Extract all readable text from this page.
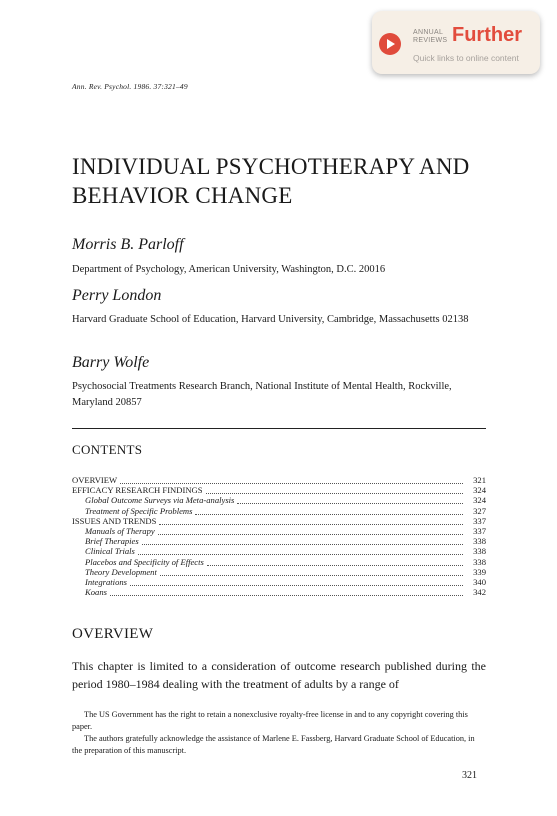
ANNUAL
REVIEWS Further
Quick links to online content
Ann. Rev. Psychol. 1986. 37:321–49
INDIVIDUAL PSYCHOTHERAPY AND
BEHAVIOR CHANGE
Morris B. Parloff
Department of Psychology, American University, Washington, D.C. 20016
Perry London
Harvard Graduate School of Education, Harvard University, Cambridge, Massachusetts 02138
Barry Wolfe
Psychosocial Treatments Research Branch, National Institute of Mental Health, Rockville, Maryland 20857
CONTENTS
OVERVIEW	321
EFFICACY RESEARCH FINDINGS	324
Global Outcome Surveys via Meta-analysis	324
Treatment of Specific Problems	327
ISSUES AND TRENDS	337
Manuals of Therapy	337
Brief Therapies	338
Clinical Trials	338
Placebos and Specificity of Effects	338
Theory Development	339
Integrations	340
Koans	342
OVERVIEW
This chapter is limited to a consideration of outcome research published during the period 1980–1984 dealing with the treatment of adults by a range of

The US Government has the right to retain a nonexclusive royalty-free license in and to any copyright covering this paper.

The authors gratefully acknowledge the assistance of Marlene E. Fassberg, Harvard Graduate School of Education, in the preparation of this manuscript.

321
